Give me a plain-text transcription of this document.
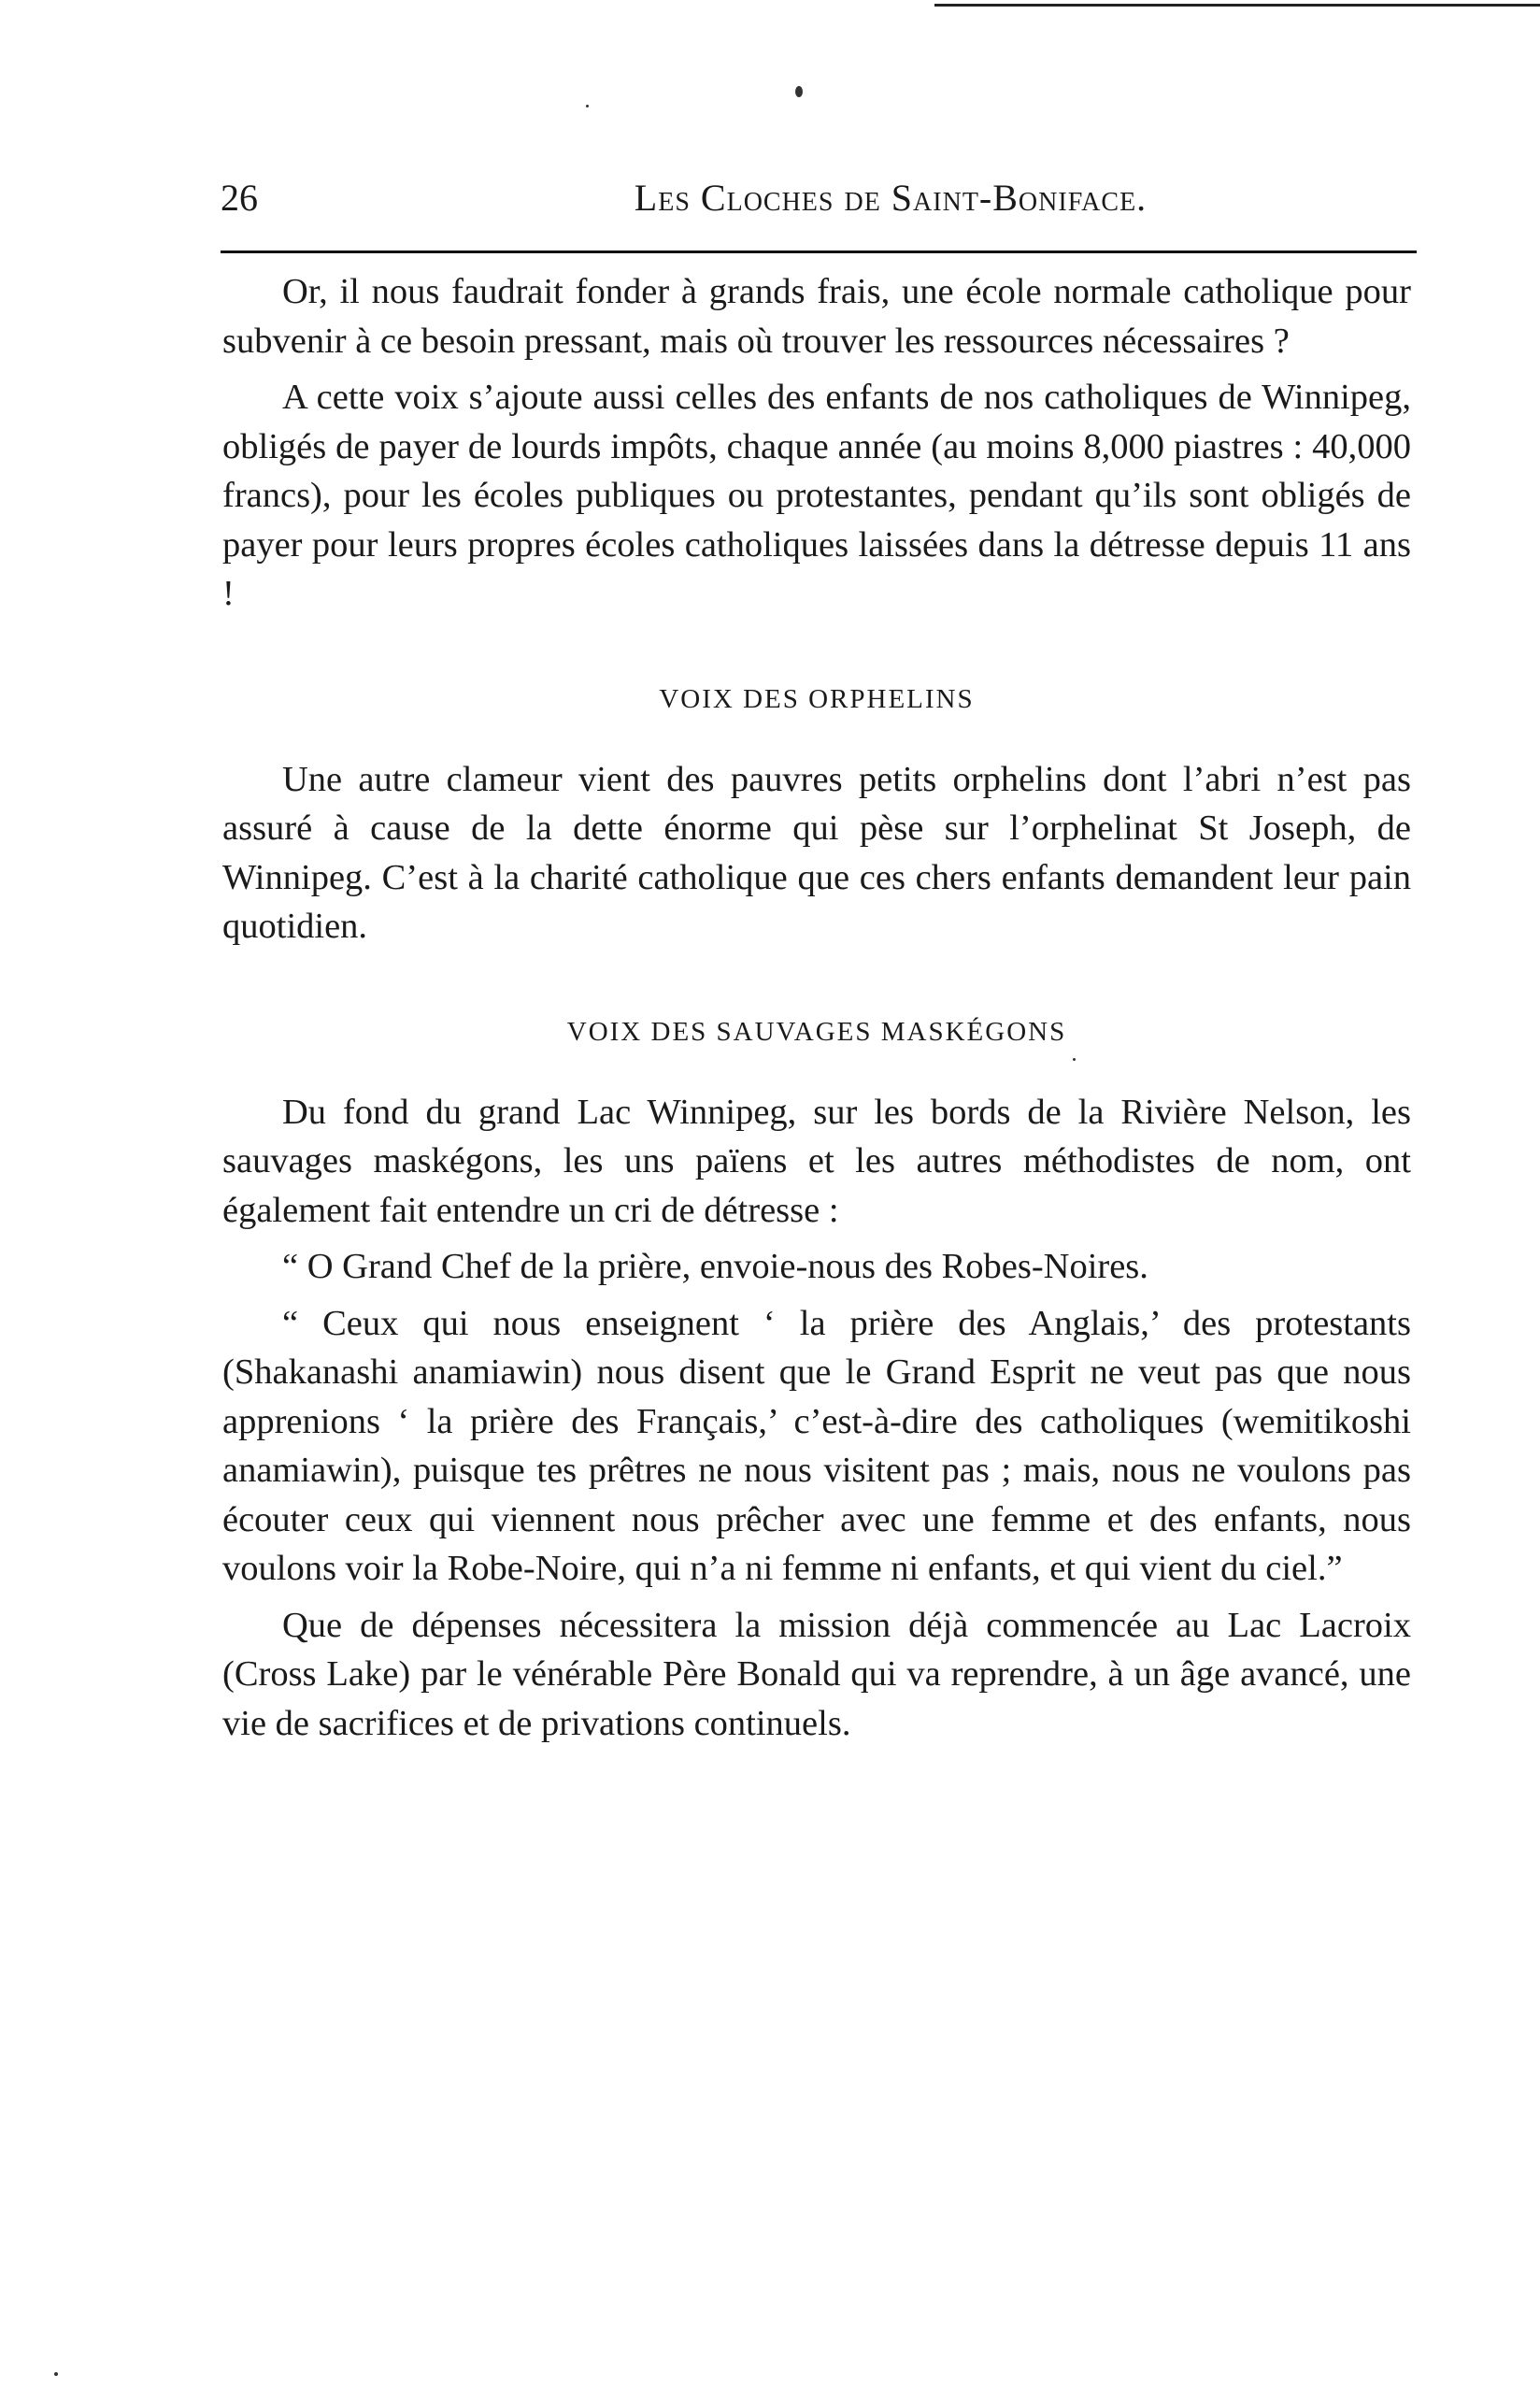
26	Les Cloches de Saint-Boniface.

Or, il nous faudrait fonder à grands frais, une école normale catholique pour subvenir à ce besoin pressant, mais où trouver les ressources nécessaires ?

A cette voix s’ajoute aussi celles des enfants de nos catholiques de Winnipeg, obligés de payer de lourds impôts, chaque année (au moins 8,000 piastres : 40,000 francs), pour les écoles publiques ou protestantes, pendant qu’ils sont obligés de payer pour leurs propres écoles catholiques laissées dans la détresse depuis 11 ans !

VOIX DES ORPHELINS

Une autre clameur vient des pauvres petits orphelins dont l’abri n’est pas assuré à cause de la dette énorme qui pèse sur l’orphelinat St Joseph, de Winnipeg. C’est à la charité catholique que ces chers enfants demandent leur pain quotidien.

VOIX DES SAUVAGES MASKÉGONS

Du fond du grand Lac Winnipeg, sur les bords de la Rivière Nelson, les sauvages maskégons, les uns païens et les autres méthodistes de nom, ont également fait entendre un cri de détresse :

“ O Grand Chef de la prière, envoie-nous des Robes-Noires.

“ Ceux qui nous enseignent ‘ la prière des Anglais,’ des protestants (Shakanashi anamiawin) nous disent que le Grand Esprit ne veut pas que nous apprenions ‘ la prière des Français,’ c’est-à-dire des catholiques (wemitikoshi anamiawin), puisque tes prêtres ne nous visitent pas ; mais, nous ne voulons pas écouter ceux qui viennent nous prêcher avec une femme et des enfants, nous voulons voir la Robe-Noire, qui n’a ni femme ni enfants, et qui vient du ciel.”

Que de dépenses nécessitera la mission déjà commencée au Lac Lacroix (Cross Lake) par le vénérable Père Bonald qui va reprendre, à un âge avancé, une vie de sacrifices et de privations continuels.
